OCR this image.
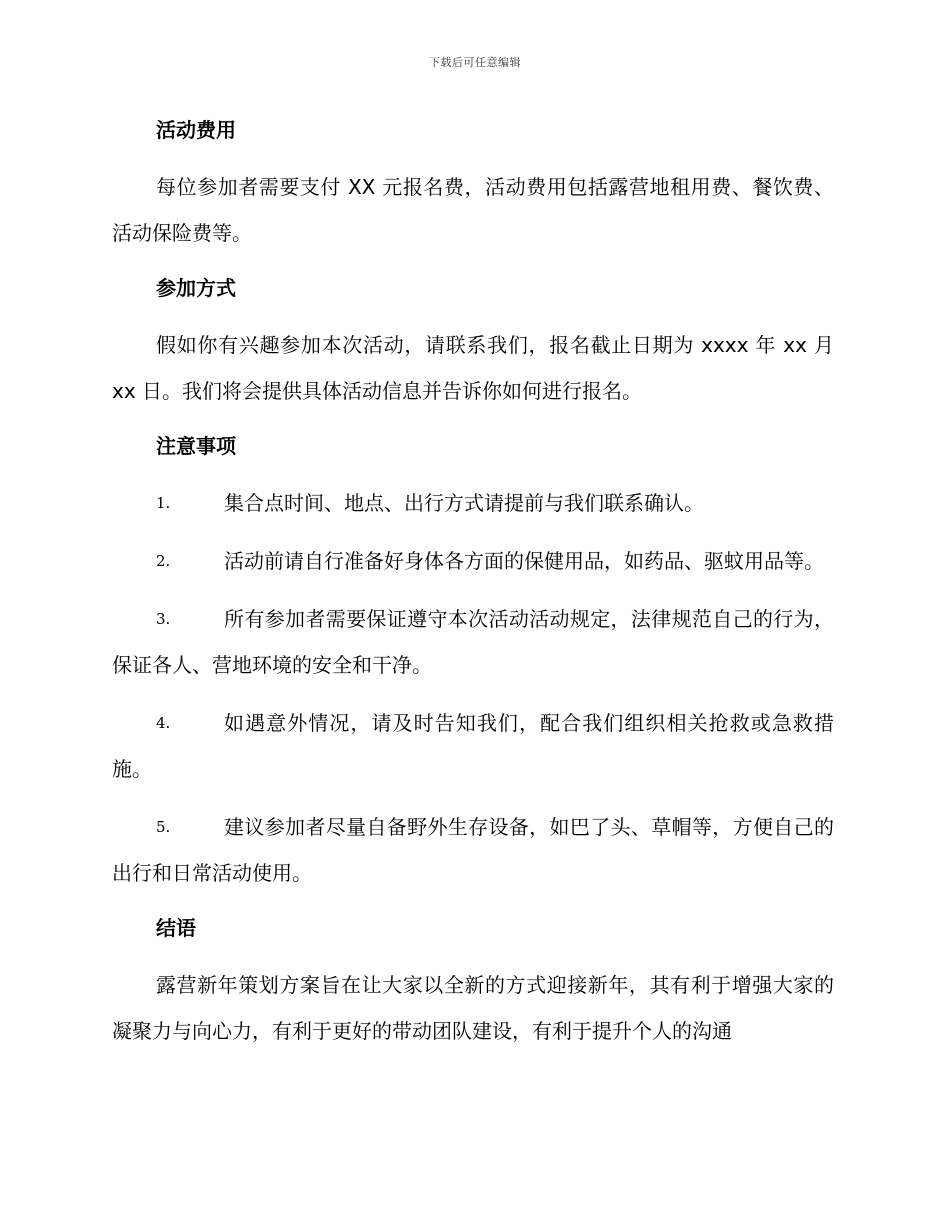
下载后可任意编辑
活动费用

每位参加者需要支付 XX 元报名费，活动费用包括露营地租用费、餐饮费、活动保险费等。

参加方式

假如你有兴趣参加本次活动，请联系我们，报名截止日期为 xxxx 年 xx 月 xx 日。我们将会提供具体活动信息并告诉你如何进行报名。

注意事项
1.	集合点时间、地点、出行方式请提前与我们联系确认。
2.	活动前请自行准备好身体各方面的保健用品，如药品、驱蚊用品等。
3.	所有参加者需要保证遵守本次活动活动规定，法律规范自己的行为，保证各人、营地环境的安全和干净。
4.	如遇意外情况，请及时告知我们，配合我们组织相关抢救或急救措施。
5.	建议参加者尽量自备野外生存设备，如巴了头、草帽等，方便自己的出行和日常活动使用。
结语

露营新年策划方案旨在让大家以全新的方式迎接新年，其有利于增强大家的凝聚力与向心力，有利于更好的带动团队建设，有利于提升个人的沟通
